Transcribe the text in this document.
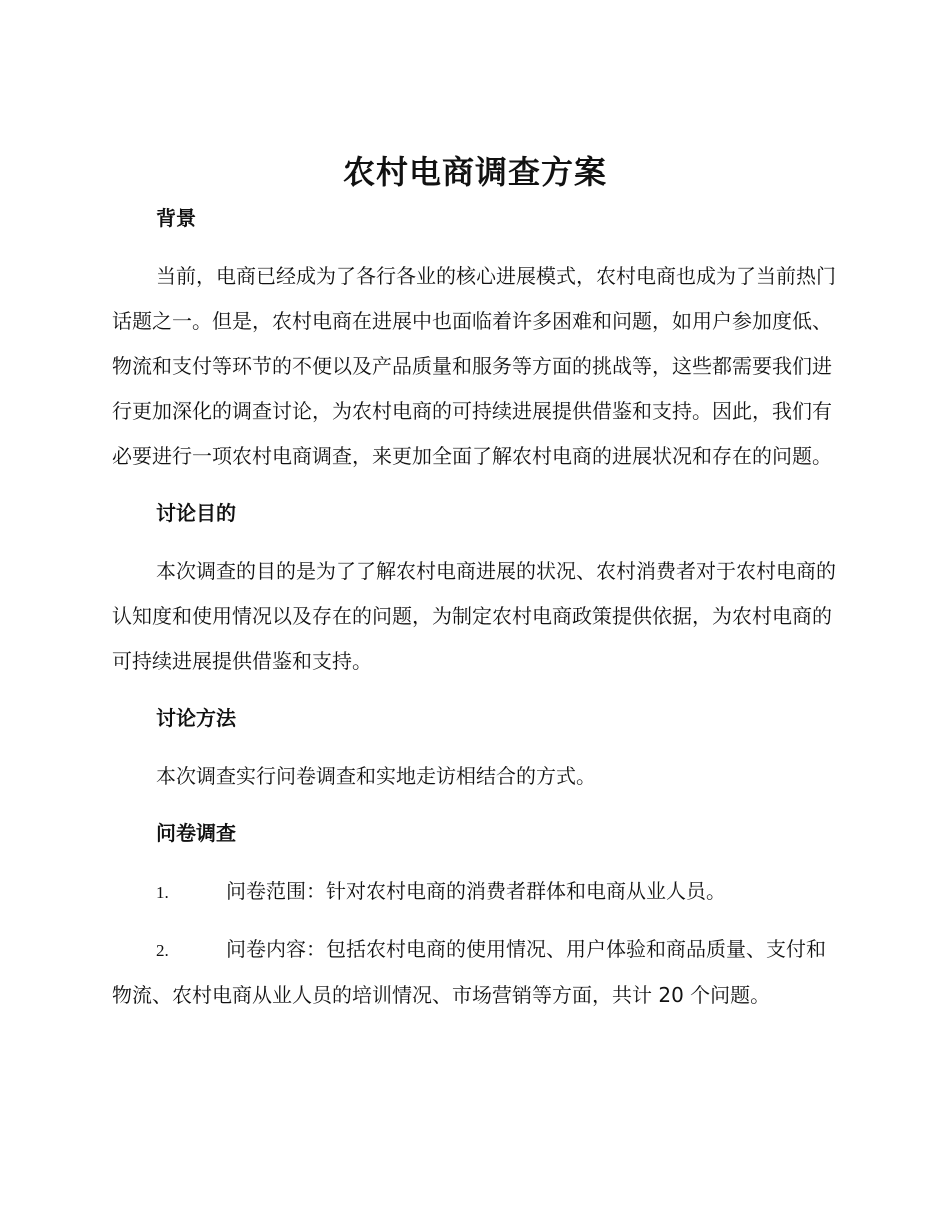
农村电商调查方案
背景

当前，电商已经成为了各行各业的核心进展模式，农村电商也成为了当前热门话题之一。但是，农村电商在进展中也面临着许多困难和问题，如用户参加度低、物流和支付等环节的不便以及产品质量和服务等方面的挑战等，这些都需要我们进行更加深化的调查讨论，为农村电商的可持续进展提供借鉴和支持。因此，我们有必要进行一项农村电商调查，来更加全面了解农村电商的进展状况和存在的问题。

讨论目的

本次调查的目的是为了了解农村电商进展的状况、农村消费者对于农村电商的认知度和使用情况以及存在的问题，为制定农村电商政策提供依据，为农村电商的可持续进展提供借鉴和支持。

讨论方法

本次调查实行问卷调查和实地走访相结合的方式。

问卷调查
1.	问卷范围：针对农村电商的消费者群体和电商从业人员。
2.	问卷内容：包括农村电商的使用情况、用户体验和商品质量、支付和物流、农村电商从业人员的培训情况、市场营销等方面，共计 20 个问题。
